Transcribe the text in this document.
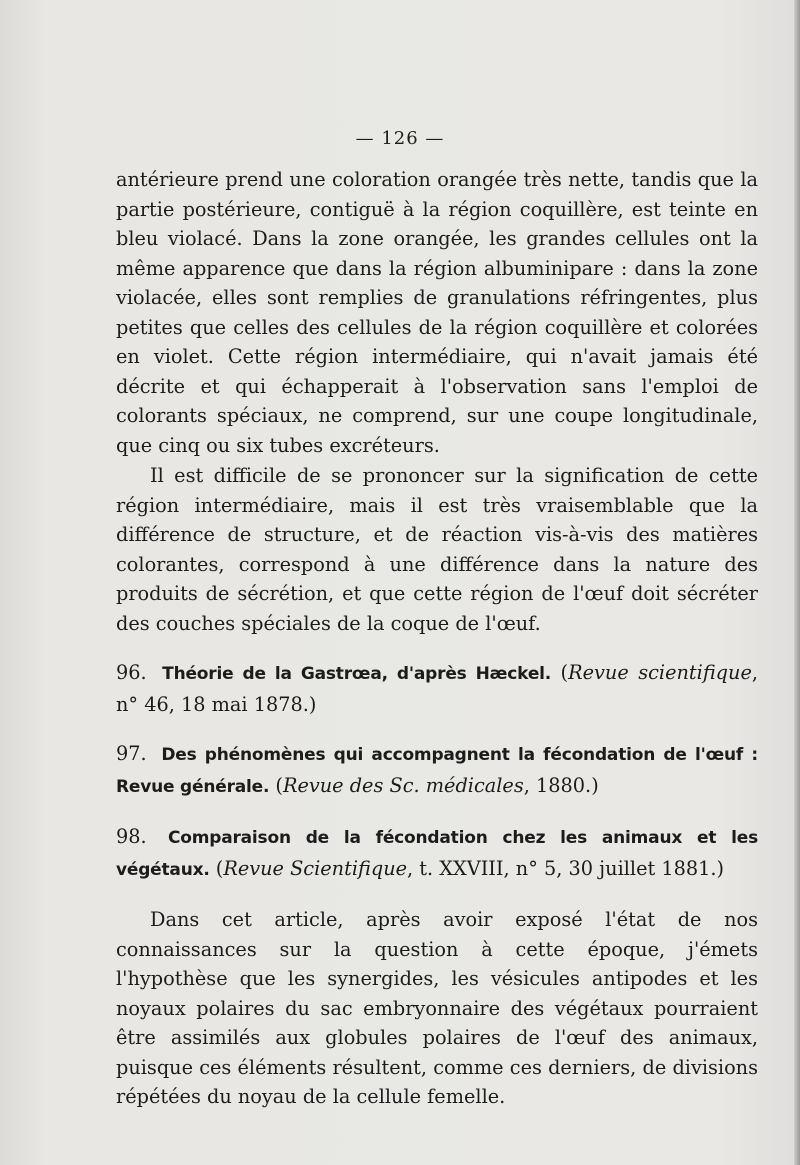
— 126 —

antérieure prend une coloration orangée très nette, tandis que la partie postérieure, contiguë à la région coquillère, est teinte en bleu violacé. Dans la zone orangée, les grandes cellules ont la même apparence que dans la région albuminipare : dans la zone violacée, elles sont remplies de granulations réfringentes, plus petites que celles des cellules de la région coquillère et colorées en violet. Cette région intermédiaire, qui n'avait jamais été décrite et qui échapperait à l'observation sans l'emploi de colorants spéciaux, ne comprend, sur une coupe longitudinale, que cinq ou six tubes excréteurs.

Il est difficile de se prononcer sur la signification de cette région intermédiaire, mais il est très vraisemblable que la différence de structure, et de réaction vis-à-vis des matières colorantes, correspond à une différence dans la nature des produits de sécrétion, et que cette région de l'œuf doit sécréter des couches spéciales de la coque de l'œuf.

96. Théorie de la Gastrœa, d'après Hæckel. (Revue scientifique, n° 46, 18 mai 1878.)
97. Des phénomènes qui accompagnent la fécondation de l'œuf : Revue générale. (Revue des Sc. médicales, 1880.)
98. Comparaison de la fécondation chez les animaux et les végétaux. (Revue Scientifique, t. XXVIII, n° 5, 30 juillet 1881.)

Dans cet article, après avoir exposé l'état de nos connaissances sur la question à cette époque, j'émets l'hypothèse que les synergides, les vésicules antipodes et les noyaux polaires du sac embryonnaire des végétaux pourraient être assimilés aux globules polaires de l'œuf des animaux, puisque ces éléments résultent, comme ces derniers, de divisions répétées du noyau de la cellule femelle.
